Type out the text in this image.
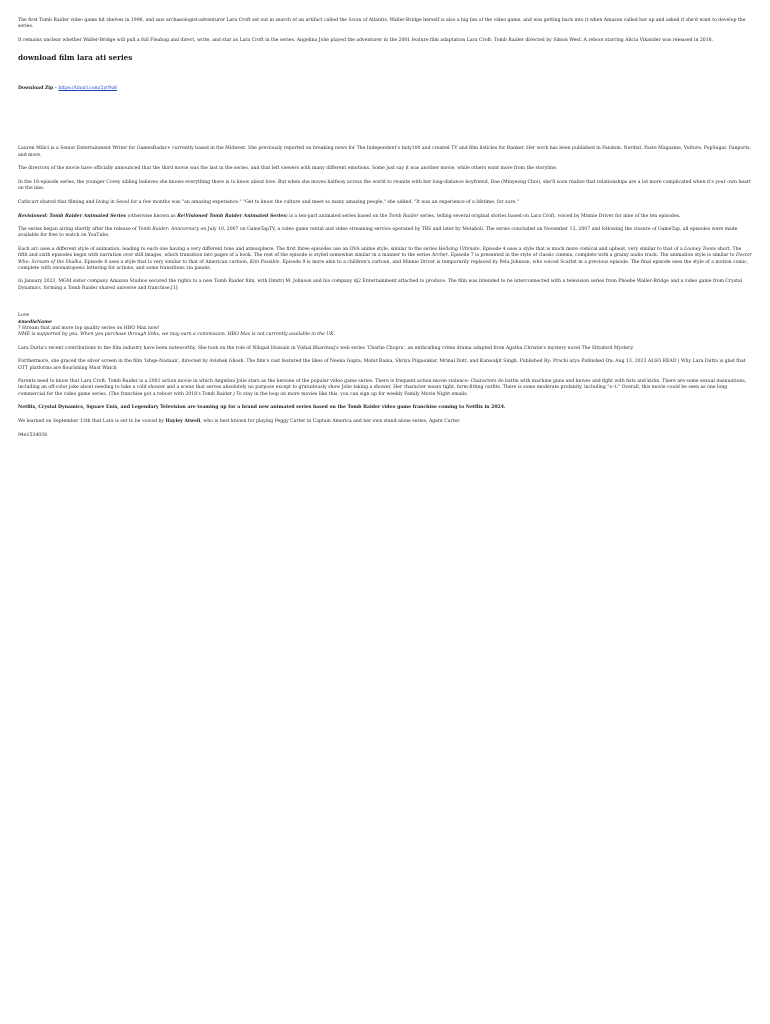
The first Tomb Raider video game hit shelves in 1996, and saw archaeologist-adventurer Lara Croft set out in search of an artifact called the Scion of Atlantis. Waller-Bridge herself is also a big fan of the video game, and was getting back into it when Amazon called her up and asked if she'd want to develop the series.

It remains unclear whether Waller-Bridge will pull a full Fleabag and direct, write, and star as Lara Croft in the series. Angelina Jolie played the adventurer in the 2001 feature film adaptation Lara Croft: Tomb Raider directed by Simon West. A reboot starring Alicia Vikander was released in 2018.

download film lara ati series

Download Zip - https://tinurl.com/2yr9u6

Lauren Milici is a Senior Entertainment Writer for GamesRadar+ currently based in the Midwest. She previously reported on breaking news for The Independent's Indy100 and created TV and film listicles for Ranker. Her work has been published in Fandom, Nerdist, Paste Magazine, Vulture, PopSugar, Fanports, and more.

The directors of the movie have officially announced that the third movie was the last in the series, and that left viewers with many different emotions. Some just say it was another movie, while others want more from the storyline.

In the 16-episode series, the younger Covey sibling believes she knows everything there is to know about love. But when she moves halfway across the world to reunite with her long-distance boyfriend, Dae (Minyeong Choi), she'll soon realize that relationships are a lot more complicated when it's your own heart on the line.

Cathcart shared that filming and living in Seoul for a few months was "an amazing experience." "Get to know the culture and meet so many amazing people," she added. "It was an experience of a lifetime, for sure."

Revisioned: Tomb Raider Animated Series (otherwise known as Re\Visioned Tomb Raider Animated Series) is a ten-part animated series based on the Tomb Raider series, telling several original stories based on Lara Croft, voiced by Minnie Driver for nine of the ten episodes.

The series began airing shortly after the release of Tomb Raider: Anniversary on July 10, 2007 on GameTapTV, a video game rental and video streaming service operated by TBS and later by Metaboli. The series concluded on November 13, 2007 and following the closure of GameTap, all episodes were made available for free to watch on YouTube.

Each arc uses a different style of animation, leading to each one having a very different tone and atmosphere. The first three episodes use an OVA anime style, similar to the series Hellsing Ultimate. Episode 4 uses a style that is much more comical and upbeat, very similar to that of a Looney Toons short. The fifth and sixth episodes begin with narration over still images, which transition into pages of a book. The rest of the episode is styled somewhat similar in a manner to the series Archer. Episode 7 is presented in the style of classic cinema, complete with a grainy audio track. The animation style is similar to Doctor Who: Scream of the Shalka. Episode 8 uses a style that is very similar to that of American cartoon, Kim Possible. Episode 9 is more akin to a children's cartoon, and Minnie Driver is temporarily replaced by Peta Johnson, who voiced Scarlet in a previous episode. The final episode uses the style of a motion comic, complete with onomatopoeic lettering for actions, and some transitions via panels.

In January 2023, MGM sister company Amazon Studios secured the rights to a new Tomb Raider film, with Dmitri M. Johnson and his company dj2 Entertainment attached to produce. The film was intended to be interconnected with a television series from Phoebe Waller-Bridge and a video game from Crystal Dynamics, forming a Tomb Raider shared universe and franchise.[1]

Love
$mediaName
? Stream that and more top quality series on HBO Max now!
NME is supported by you. When you purchase through links, we may earn a commission. HBO Max is not currently available in the UK.

Lara Dutta's recent contributions to the film industry have been noteworthy. She took on the role of Nilupal Hussain in Vishal Bhardwaj's web series 'Charlie Chopra', an enthralling crime drama adapted from Agatha Christie's mystery novel The Sittaford Mystery.

Furthermore, she graced the silver screen in the film 'Ishqe-Nadaan', directed by Avishek Ghosh. The film's cast featured the likes of Neena Gupta, Mohit Raina, Shriya Pilgaonkar, Mrinal Dutt, and Kanwaljit Singh. Published By: Prachi arya Published On: Aug 13, 2023 ALSO READ | Why Lara Dutta is glad that OTT platforms are flourishing Must Watch

Parents need to know that Lara Croft: Tomb Raider is a 2001 action movie in which Angelina Jolie stars as the heroine of the popular video game series. There is frequent action-movie violence: Characters do battle with machine guns and knives and fight with fists and kicks. There are some sexual insinuations, including an off-color joke about needing to take a cold shower and a scene that serves absolutely no purpose except to gratuitously show Jolie taking a shower. Her character wears tight, form-fitting outfits. There is some moderate profanity, including "s--t." Overall, this movie could be seen as one long commercial for the video game series. (The franchise got a reboot with 2018's Tomb Raider.) To stay in the loop on more movies like this, you can sign up for weekly Family Movie Night emails.

Netflix, Crystal Dynamics, Square Enix, and Legendary Television are teaming up for a brand new animated series based on the Tomb Raider video game franchise coming to Netflix in 2024.

We learned on September 13th that Lara is set to be voiced by Hayley Atwell, who is best known for playing Peggy Carter in Captain America and her own stand-alone series, Agent Carter.

94e1534038
